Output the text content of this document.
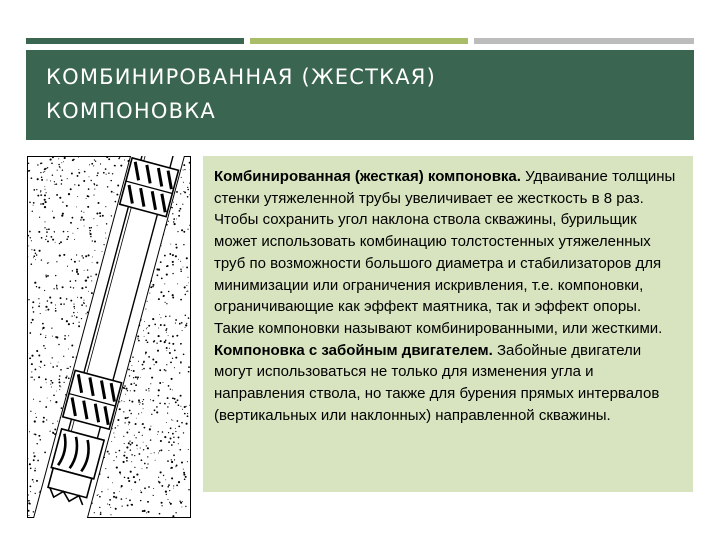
КОМБИНИРОВАННАЯ (ЖЕСТКАЯ)
КОМПОНОВКА

Комбинированная (жесткая) компоновка. Удваивание толщины стенки утяжеленной трубы увеличивает ее жесткость в 8 раз. Чтобы сохранить угол наклона ствола скважины, бурильщик может использовать комбинацию толстостенных утяжеленных труб по возможности большого диаметра и стабилизаторов для минимизации или ограничения искривления, т.е. компоновки, ограничивающие как эффект маятника, так и эффект опоры. Такие компоновки называют комбинированными, или жесткими.

Компоновка с забойным двигателем. Забойные двигатели могут использоваться не только для изменения угла и направления ствола, но также для бурения прямых интервалов (вертикальных или наклонных) направленной скважины.
